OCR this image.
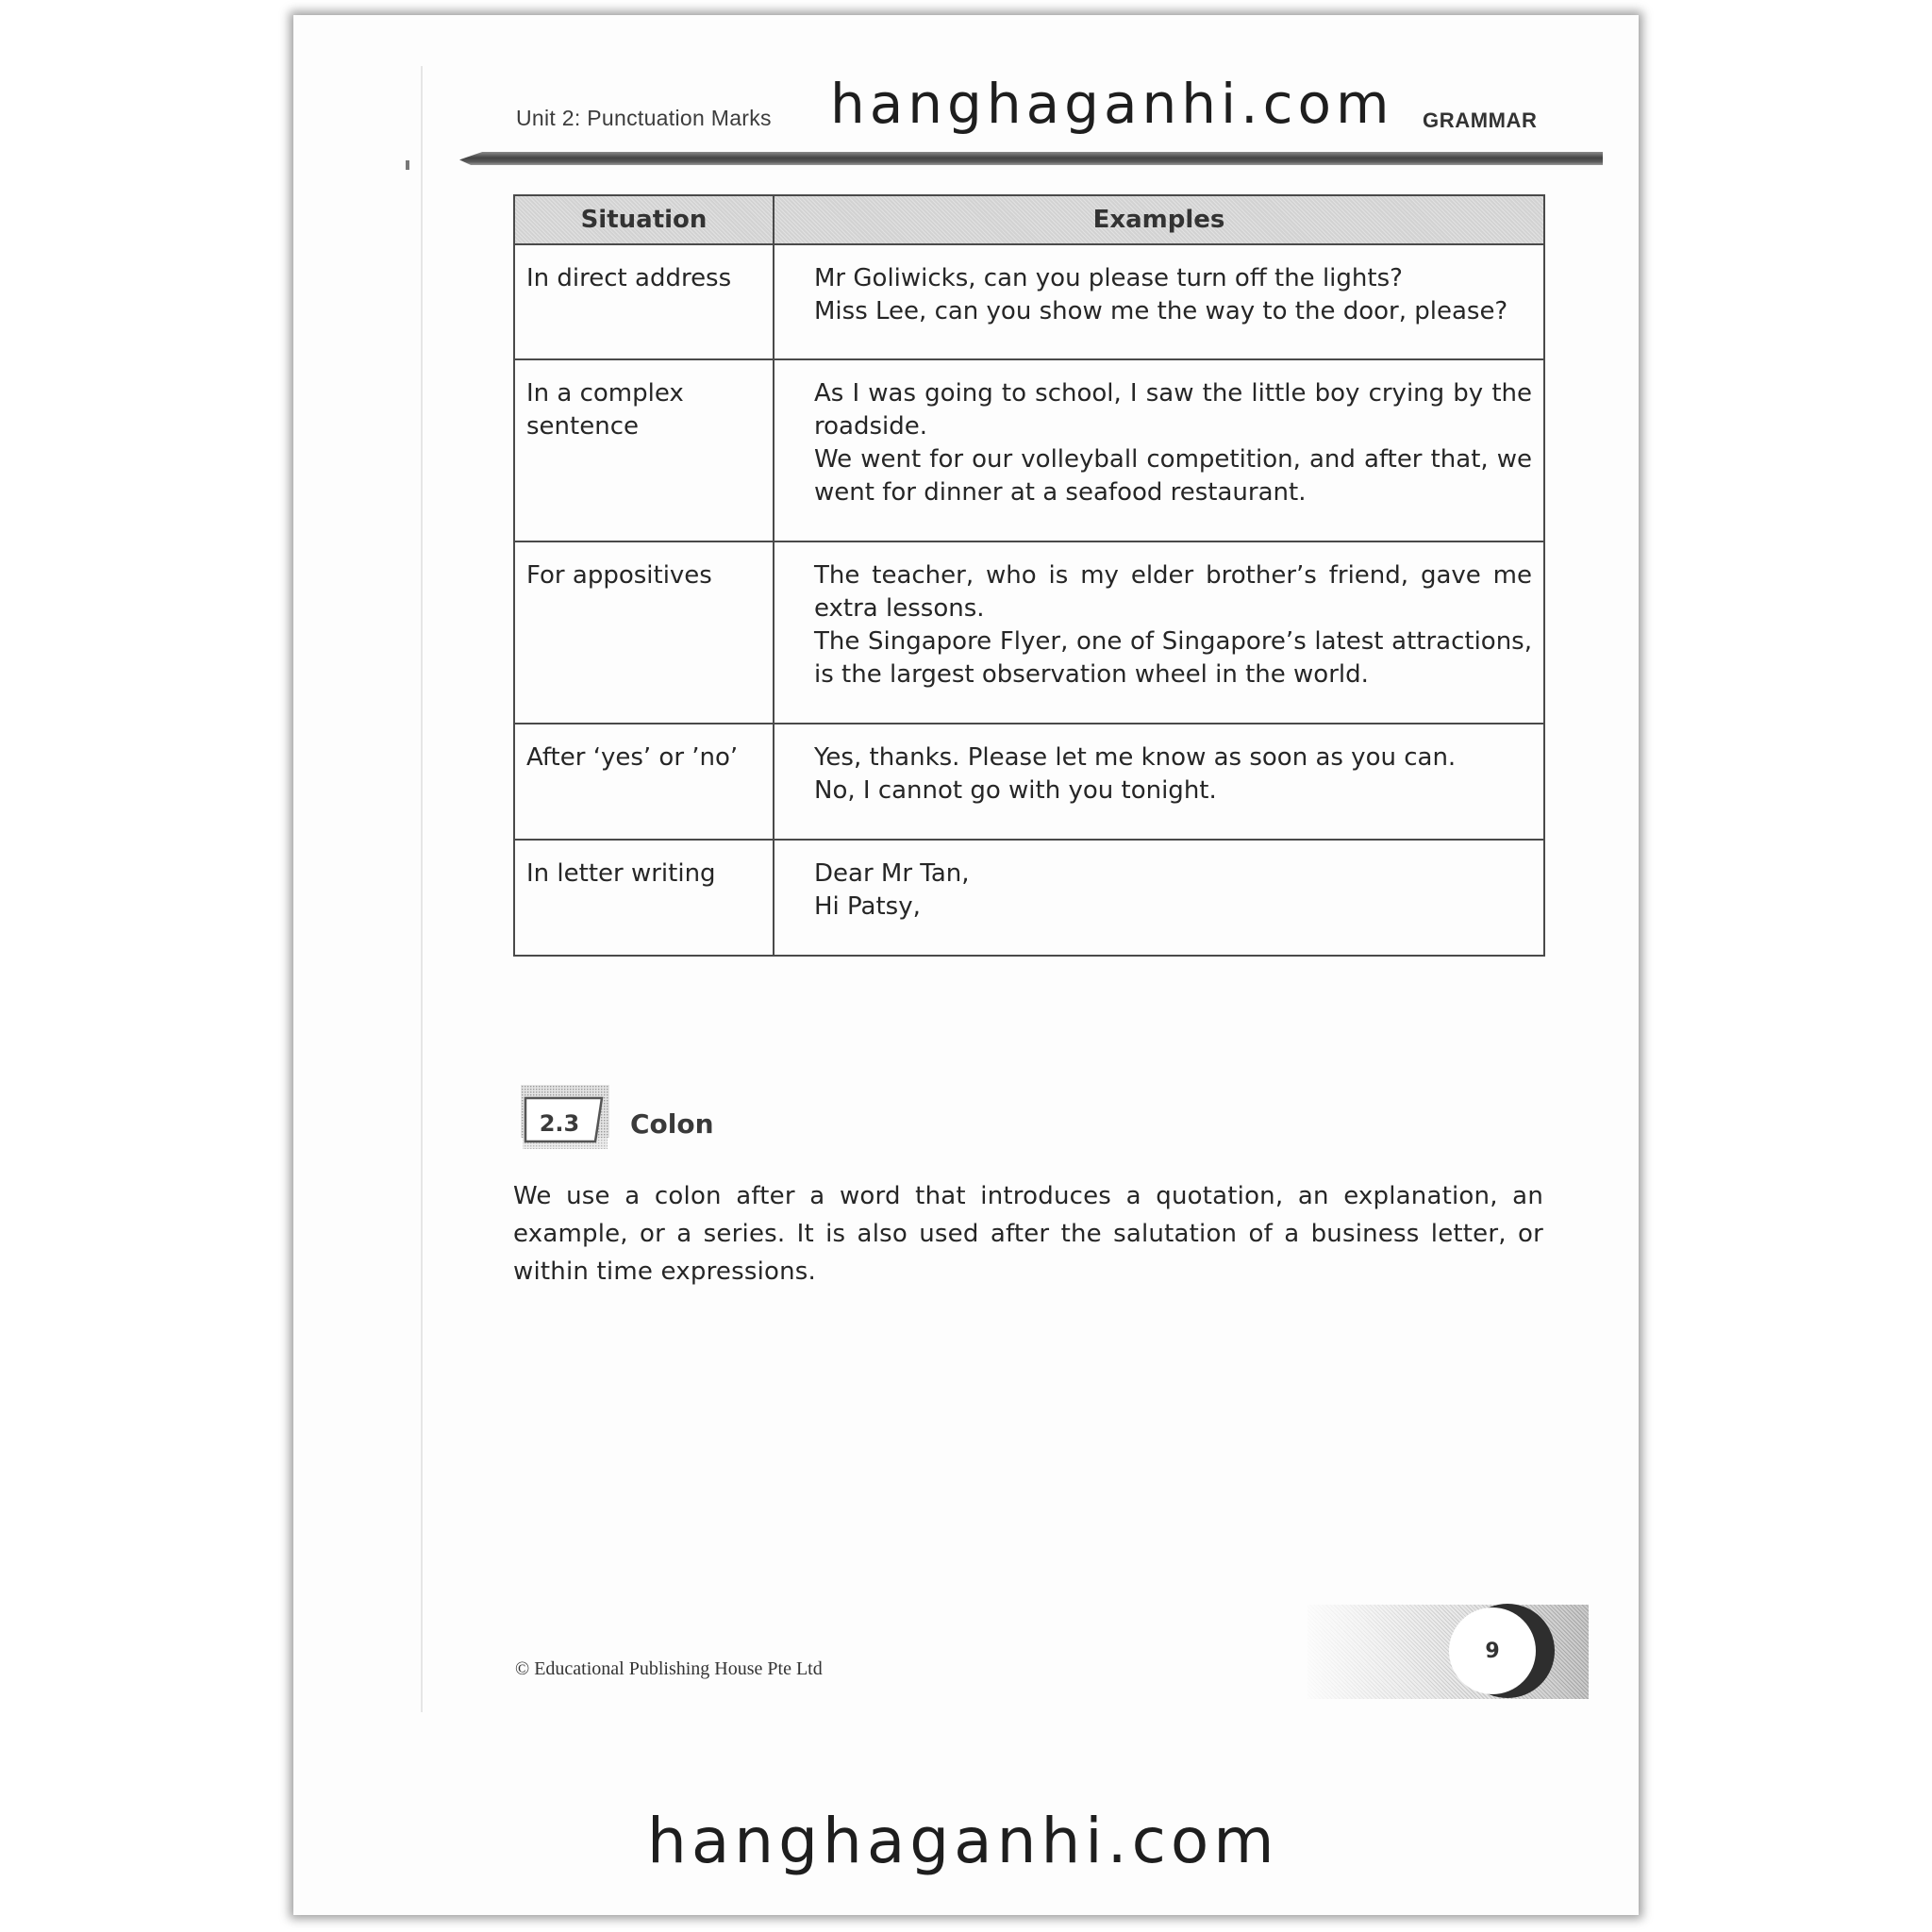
Unit 2: Punctuation Marks hanghaganhi.com GRAMMAR
Situation	Examples

In direct address	Mr Goliwicks, can you please turn off the lights?
Miss Lee, can you show me the way to the door, please?

In a complex
sentence	As I was going to school, I saw the little boy crying by the roadside.
We went for our volleyball competition, and after that, we went for dinner at a seafood restaurant.

For appositives	The teacher, who is my elder brother’s friend, gave me extra lessons.
The Singapore Flyer, one of Singapore’s latest attractions, is the largest observation wheel in the world.

After ‘yes’ or ’no’	Yes, thanks. Please let me know as soon as you can.
No, I cannot go with you tonight.

In letter writing	Dear Mr Tan,
Hi Patsy,
2.3 Colon
We use a colon after a word that introduces a quotation, an explanation, an example, or a series. It is also used after the salutation of a business letter, or within time expressions.
© Educational Publishing House Pte Ltd
9
hanghaganhi.com
